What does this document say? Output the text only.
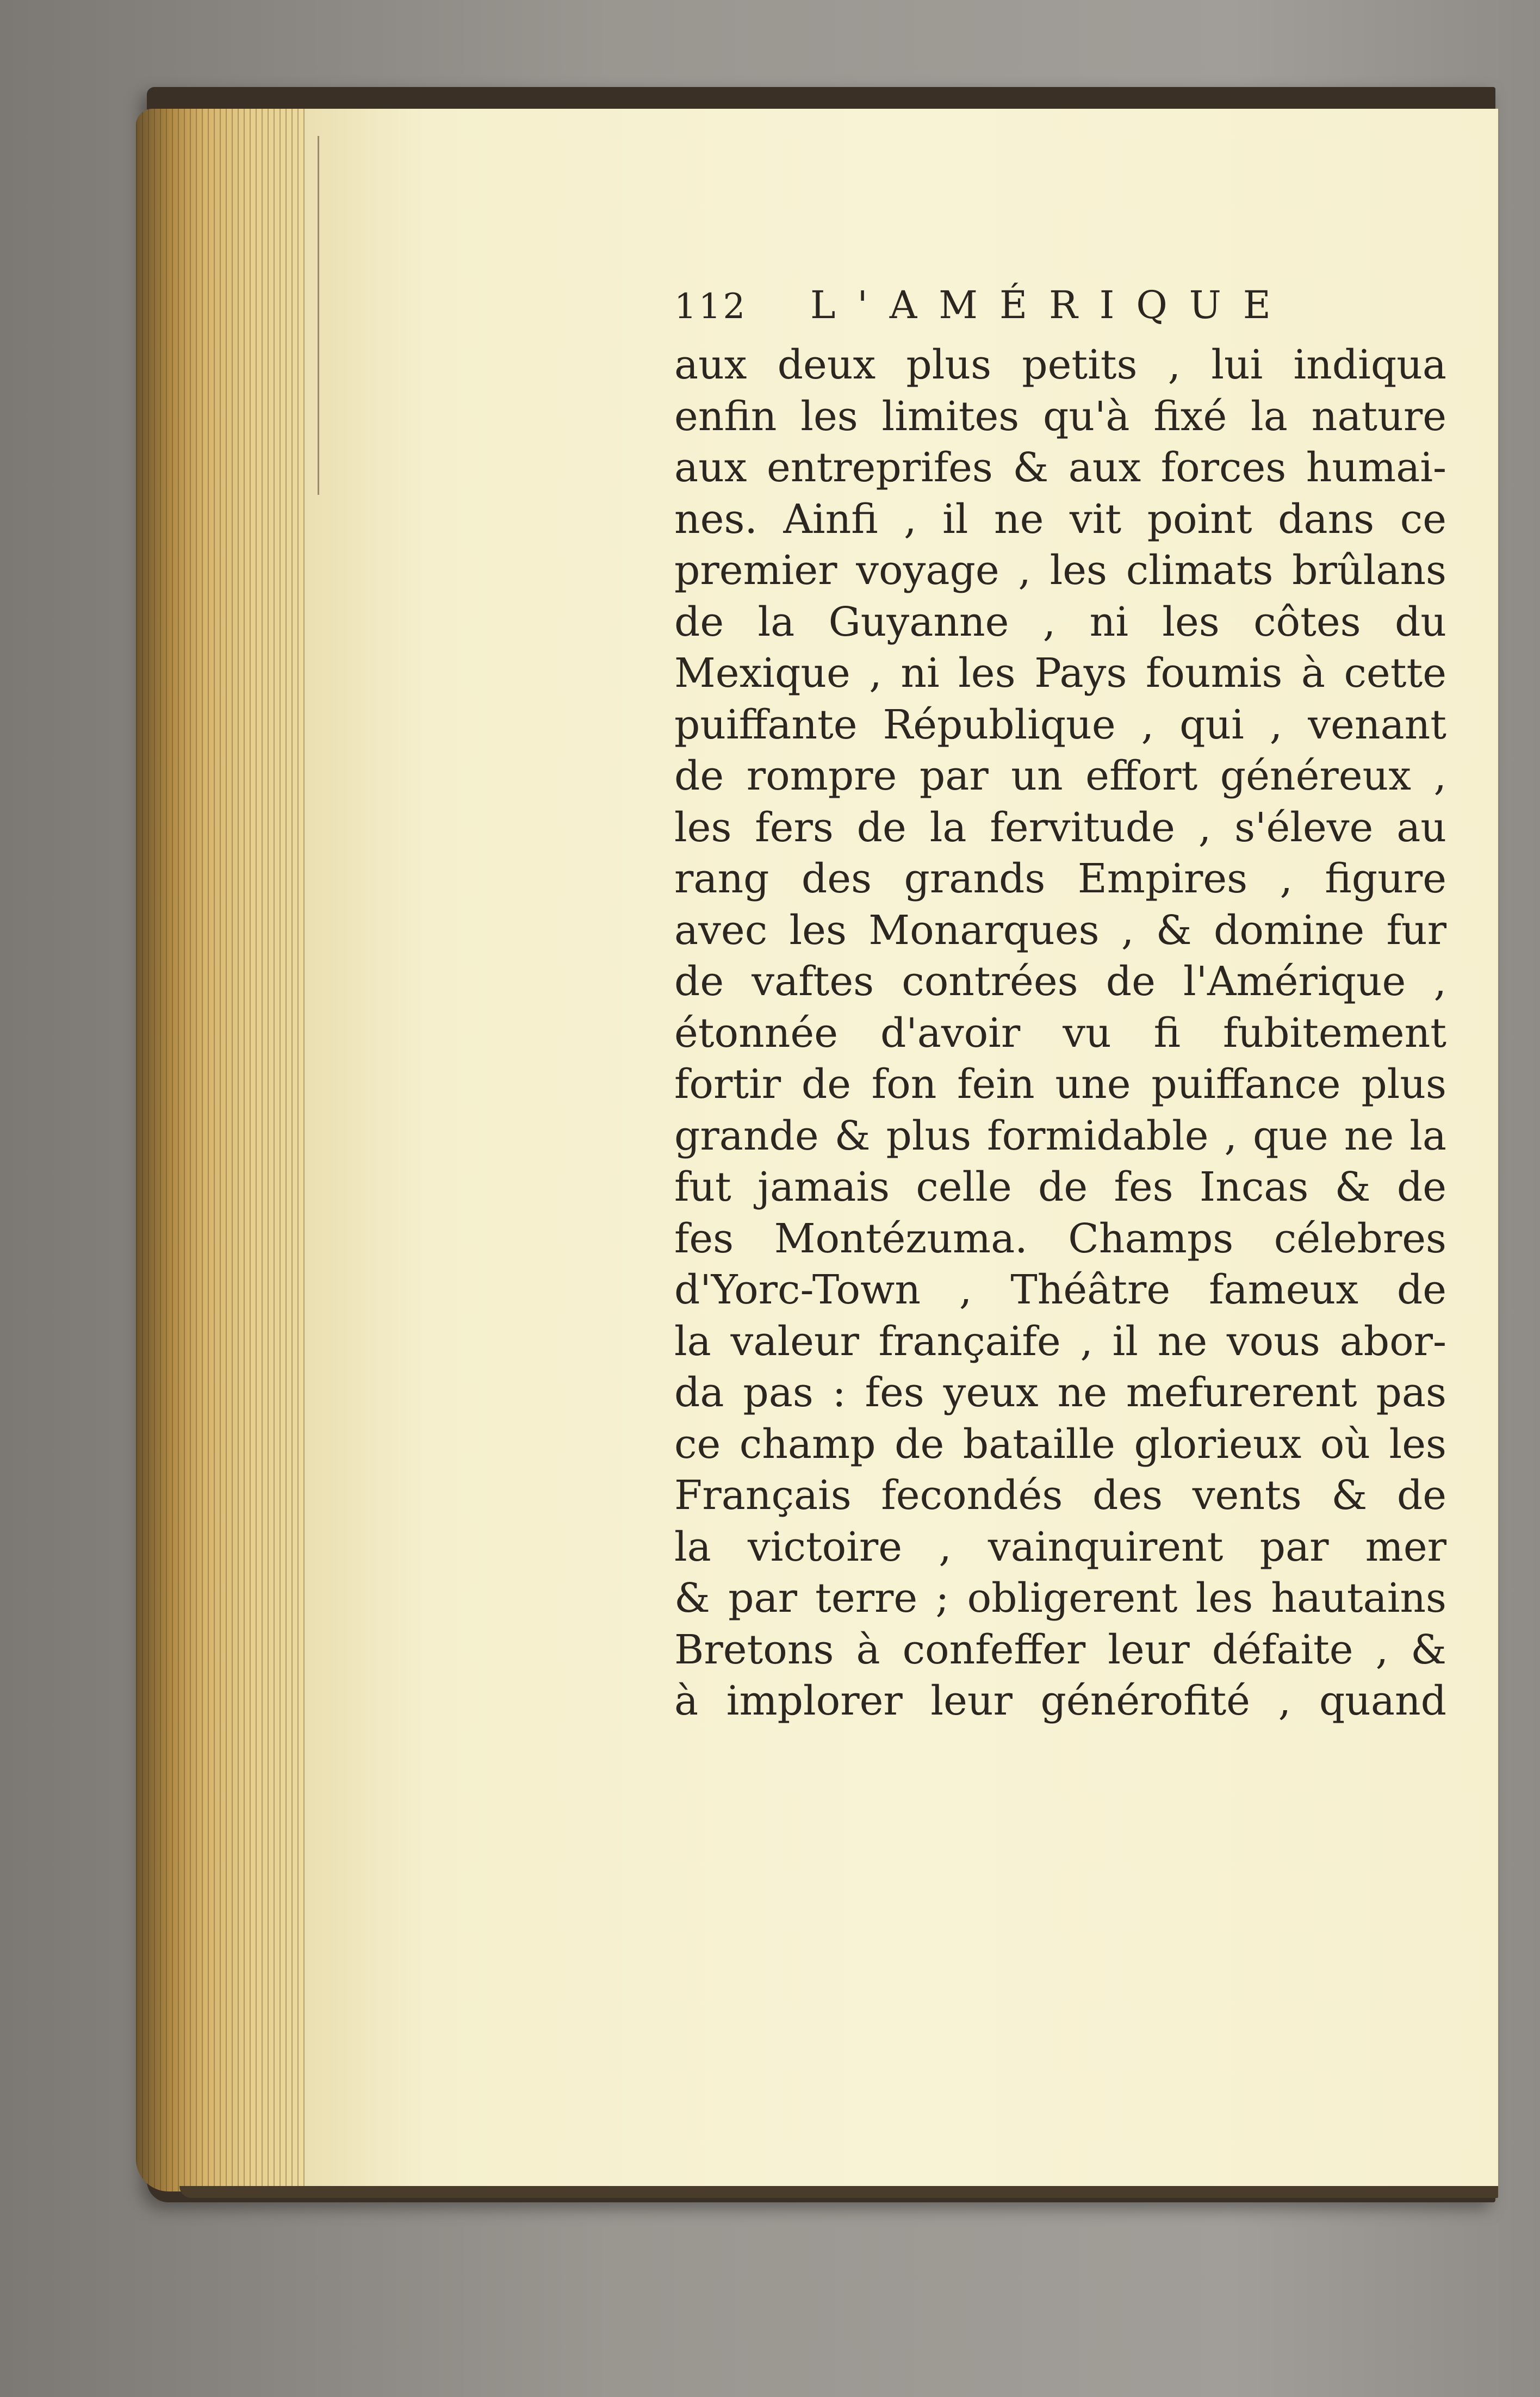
112	L'AMÉRIQUE
aux deux plus petits , lui indiqua
enfin les limites qu'à fixé la nature
aux entreprifes & aux forces humai-
nes. Ainfi , il ne vit point dans ce
premier voyage , les climats brûlans
de la Guyanne , ni les côtes du
Mexique , ni les Pays foumis à cette
puiffante République , qui , venant
de rompre par un effort généreux ,
les fers de la fervitude , s'éleve au
rang des grands Empires , figure
avec les Monarques , & domine fur
de vaftes contrées de l'Amérique ,
étonnée d'avoir vu fi fubitement
fortir de fon fein une puiffance plus
grande & plus formidable , que ne la
fut jamais celle de fes Incas & de
fes Montézuma. Champs célebres
d'Yorc-Town , Théâtre fameux de
la valeur françaife , il ne vous abor-
da pas : fes yeux ne mefurerent pas
ce champ de bataille glorieux où les
Français fecondés des vents & de
la victoire , vainquirent par mer
& par terre ; obligerent les hautains
Bretons à confeffer leur défaite , &
à implorer leur générofité , quand
